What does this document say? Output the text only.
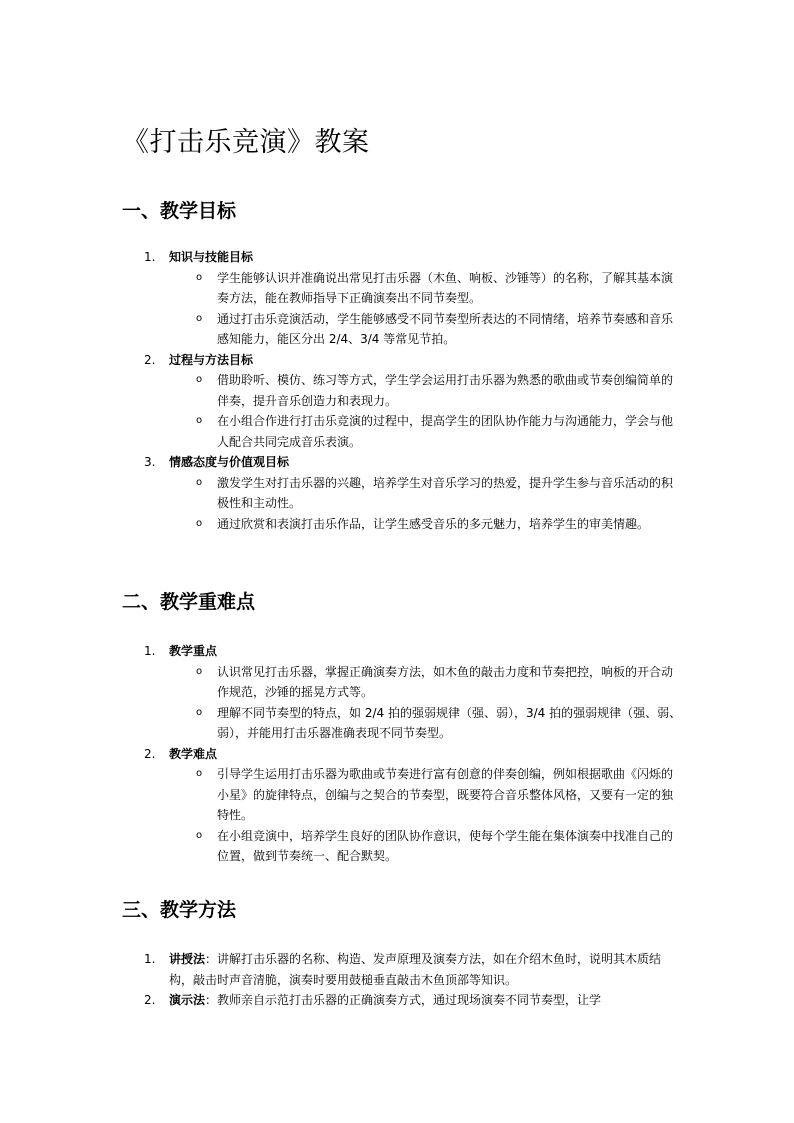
《打击乐竞演》教案
一、教学目标
1. 知识与技能目标
o 学生能够认识并准确说出常见打击乐器（木鱼、响板、沙锤等）的名称，了解其基本演奏方法，能在教师指导下正确演奏出不同节奏型。
o 通过打击乐竞演活动，学生能够感受不同节奏型所表达的不同情绪，培养节奏感和音乐感知能力，能区分出 2/4、3/4 等常见节拍。
2. 过程与方法目标
o 借助聆听、模仿、练习等方式，学生学会运用打击乐器为熟悉的歌曲或节奏创编简单的伴奏，提升音乐创造力和表现力。
o 在小组合作进行打击乐竞演的过程中，提高学生的团队协作能力与沟通能力，学会与他人配合共同完成音乐表演。
3. 情感态度与价值观目标
o 激发学生对打击乐器的兴趣，培养学生对音乐学习的热爱，提升学生参与音乐活动的积极性和主动性。
o 通过欣赏和表演打击乐作品，让学生感受音乐的多元魅力，培养学生的审美情趣。
二、教学重难点
1. 教学重点
o 认识常见打击乐器，掌握正确演奏方法，如木鱼的敲击力度和节奏把控，响板的开合动作规范，沙锤的摇晃方式等。
o 理解不同节奏型的特点，如 2/4 拍的强弱规律（强、弱），3/4 拍的强弱规律（强、弱、弱），并能用打击乐器准确表现不同节奏型。
2. 教学难点
o 引导学生运用打击乐器为歌曲或节奏进行富有创意的伴奏创编，例如根据歌曲《闪烁的小星》的旋律特点，创编与之契合的节奏型，既要符合音乐整体风格，又要有一定的独特性。
o 在小组竞演中，培养学生良好的团队协作意识，使每个学生能在集体演奏中找准自己的位置，做到节奏统一、配合默契。
三、教学方法
1. 讲授法：讲解打击乐器的名称、构造、发声原理及演奏方法，如在介绍木鱼时，说明其木质结构，敲击时声音清脆，演奏时要用鼓槌垂直敲击木鱼顶部等知识。
2. 演示法：教师亲自示范打击乐器的正确演奏方式，通过现场演奏不同节奏型，让学
